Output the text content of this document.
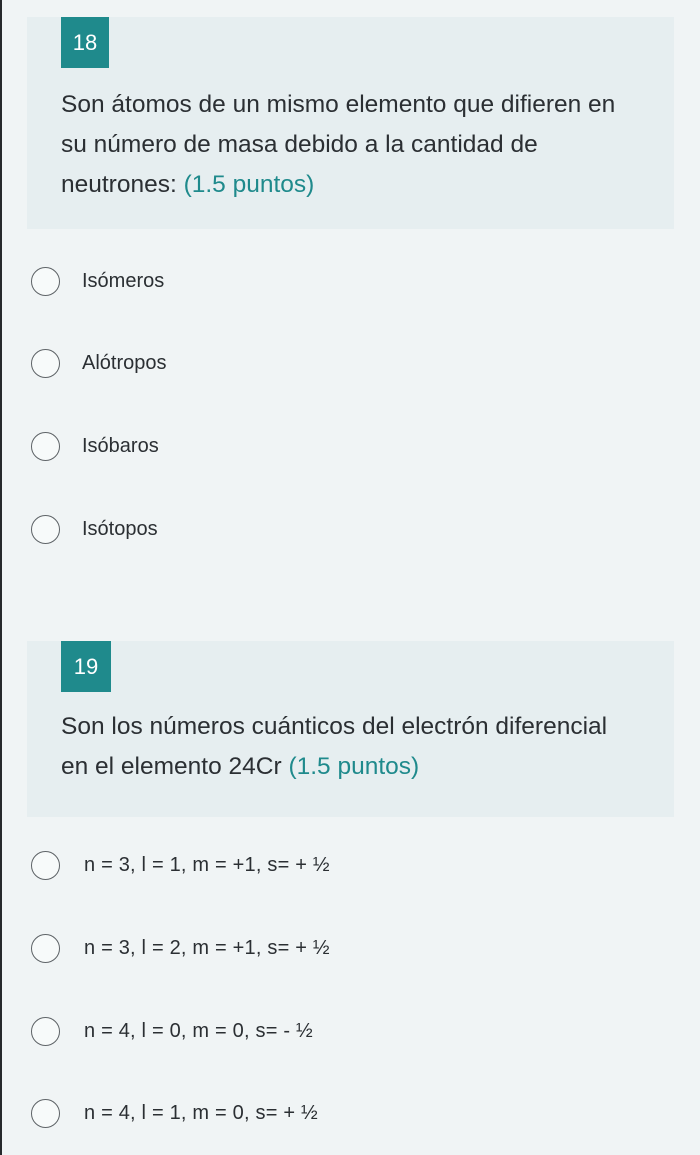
18
Son átomos de un mismo elemento que difieren en su número de masa debido a la cantidad de neutrones: (1.5 puntos)
Isómeros
Alótropos
Isóbaros
Isótopos
19
Son los números cuánticos del electrón diferencial en el elemento 24Cr (1.5 puntos)
n = 3, l = 1, m = +1, s= + ½
n = 3, l = 2, m = +1, s= + ½
n = 4, l = 0, m = 0, s= - ½
n = 4, l = 1, m = 0, s= + ½
